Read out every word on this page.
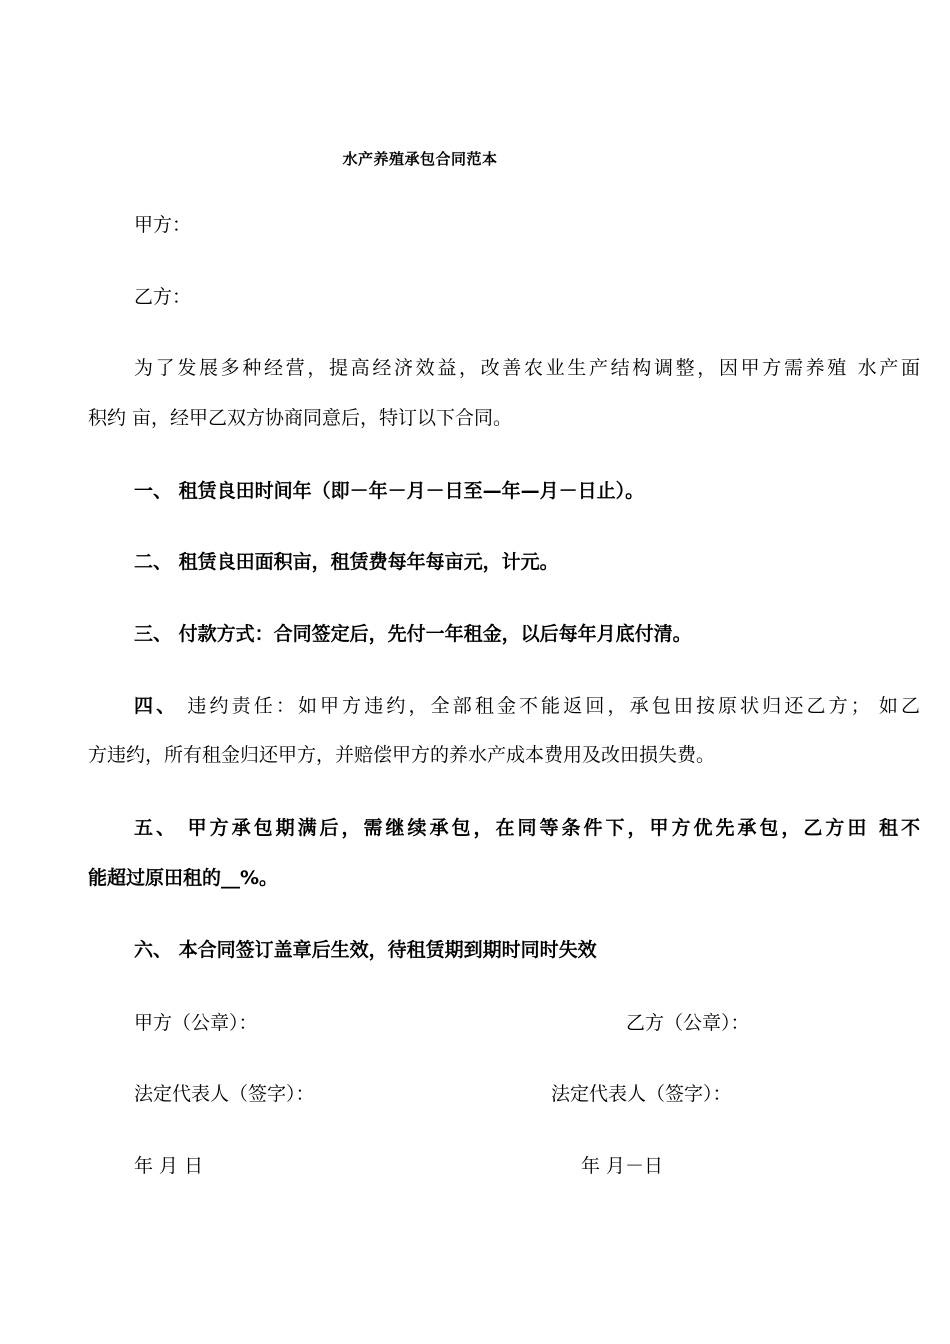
水产养殖承包合同范本
甲方：
乙方：
为了发展多种经营，提高经济效益，改善农业生产结构调整，因甲方需养殖 水产面
积约 亩，经甲乙双方协商同意后，特订以下合同。
一、 租赁良田时间年（即－年－月－日至—年—月－日止）。
二、 租赁良田面积亩，租赁费每年每亩元，计元。
三、 付款方式：合同签定后，先付一年租金，以后每年月底付清。
四、 违约责任：如甲方违约，全部租金不能返回，承包田按原状归还乙方； 如乙
方违约，所有租金归还甲方，并赔偿甲方的养水产成本费用及改田损失费。
五、 甲方承包期满后，需继续承包，在同等条件下，甲方优先承包，乙方田 租不
能超过原田租的__%。
六、 本合同签订盖章后生效，待租赁期到期时同时失效
甲方（公章）：	乙方（公章）：
法定代表人（签字）：	法定代表人（签字）：
年 月 日	年 月－日
